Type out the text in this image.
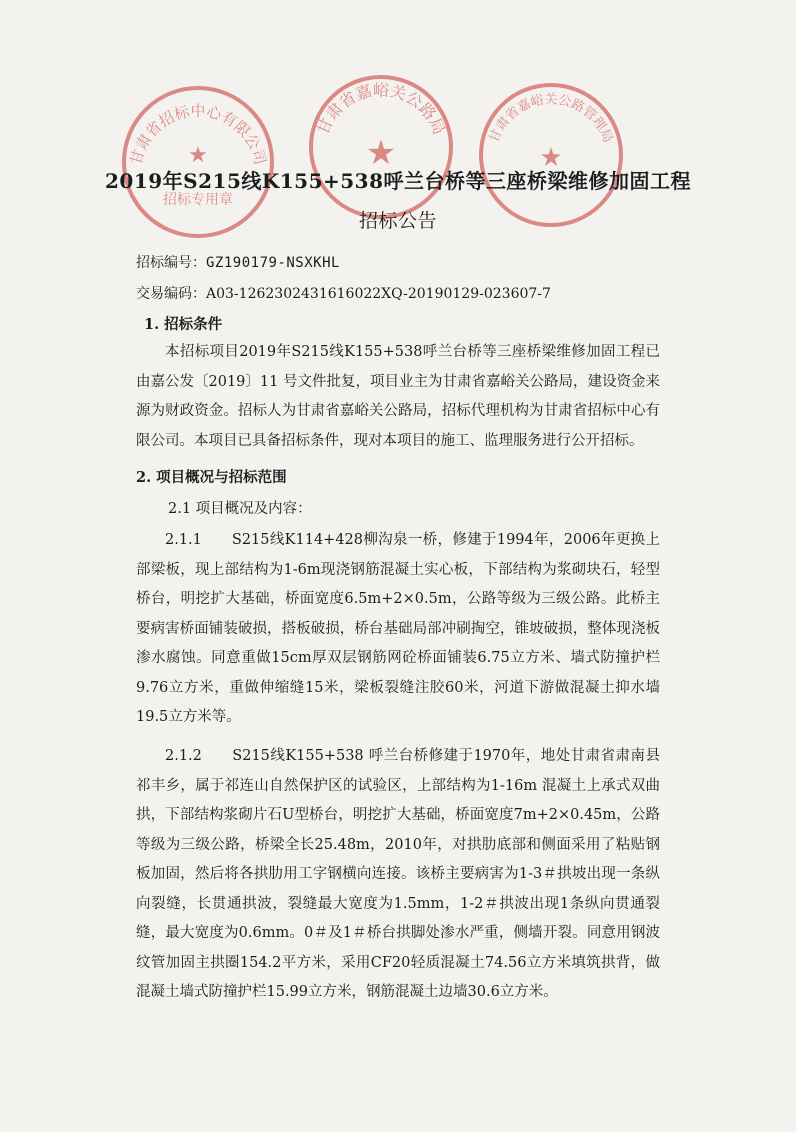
甘肃省招标中心有限公司
★
招标专用章
甘肃省嘉峪关公路局
★	甘肃省嘉峪关公路管理局
★
2019年S215线K155+538呼兰台桥等三座桥梁维修加固工程
招标公告
招标编号：GZ190179-NSXKHL
交易编码：A03-1262302431616022XQ-20190129-023607-7
1. 招标条件
本招标项目2019年S215线K155+538呼兰台桥等三座桥梁维修加固工程已由嘉公发〔2019〕11 号文件批复，项目业主为甘肃省嘉峪关公路局，建设资金来源为财政资金。招标人为甘肃省嘉峪关公路局，招标代理机构为甘肃省招标中心有限公司。本项目已具备招标条件，现对本项目的施工、监理服务进行公开招标。
2. 项目概况与招标范围
2.1 项目概况及内容：
2.1.1　　S215线K114+428柳沟泉一桥，修建于1994年，2006年更换上部梁板，现上部结构为1-6m现浇钢筋混凝土实心板，下部结构为浆砌块石，轻型桥台，明挖扩大基础，桥面宽度6.5m+2×0.5m，公路等级为三级公路。此桥主要病害桥面铺装破损，搭板破损，桥台基础局部冲刷掏空，锥坡破损，整体现浇板渗水腐蚀。同意重做15cm厚双层钢筋网砼桥面铺装6.75立方米、墙式防撞护栏9.76立方米，重做伸缩缝15米，梁板裂缝注胶60米，河道下游做混凝土抑水墙19.5立方米等。
2.1.2　　S215线K155+538 呼兰台桥修建于1970年，地处甘肃省肃南县祁丰乡，属于祁连山自然保护区的试验区，上部结构为1-16m 混凝土上承式双曲拱，下部结构浆砌片石U型桥台，明挖扩大基础，桥面宽度7m+2×0.45m，公路等级为三级公路，桥梁全长25.48m，2010年，对拱肋底部和侧面采用了粘贴钢板加固，然后将各拱肋用工字钢横向连接。该桥主要病害为1-3＃拱坡出现一条纵向裂缝，长贯通拱波，裂缝最大宽度为1.5mm，1-2＃拱波出现1条纵向贯通裂缝，最大宽度为0.6mm。0＃及1＃桥台拱脚处渗水严重，侧墙开裂。同意用钢波纹管加固主拱圈154.2平方米，采用CF20轻质混凝土74.56立方米填筑拱背，做混凝土墙式防撞护栏15.99立方米，钢筋混凝土边墙30.6立方米。
